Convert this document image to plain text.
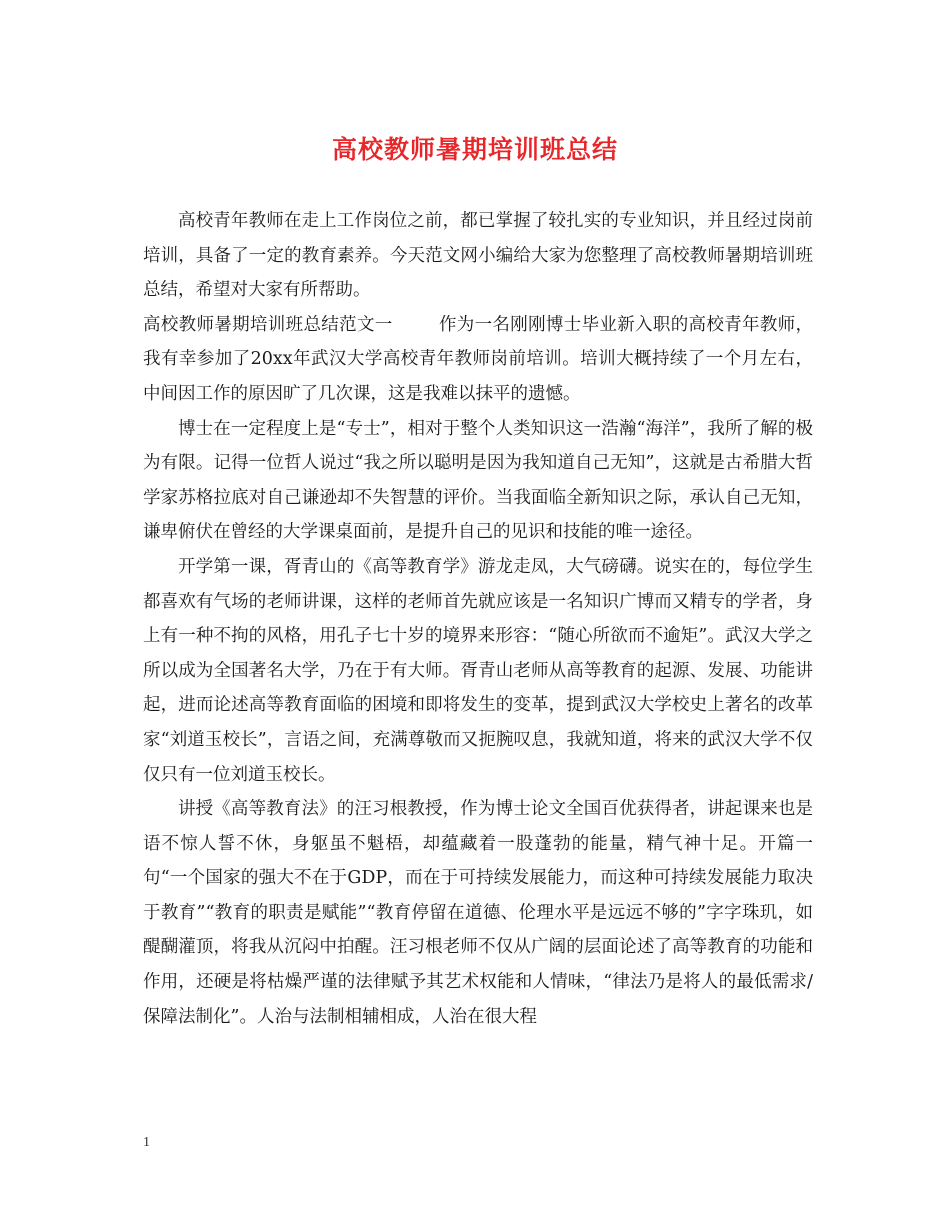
高校教师暑期培训班总结

高校青年教师在走上工作岗位之前，都已掌握了较扎实的专业知识，并且经过岗前培训，具备了一定的教育素养。今天范文网小编给大家为您整理了高校教师暑期培训班总结，希望对大家有所帮助。

高校教师暑期培训班总结范文一	作为一名刚刚博士毕业新入职的高校青年教师，我有幸参加了20xx年武汉大学高校青年教师岗前培训。培训大概持续了一个月左右，中间因工作的原因旷了几次课，这是我难以抹平的遗憾。

博士在一定程度上是“专士”，相对于整个人类知识这一浩瀚“海洋”，我所了解的极为有限。记得一位哲人说过“我之所以聪明是因为我知道自己无知”，这就是古希腊大哲学家苏格拉底对自己谦逊却不失智慧的评价。当我面临全新知识之际，承认自己无知，谦卑俯伏在曾经的大学课桌面前，是提升自己的见识和技能的唯一途径。

开学第一课，胥青山的《高等教育学》游龙走凤，大气磅礴。说实在的，每位学生都喜欢有气场的老师讲课，这样的老师首先就应该是一名知识广博而又精专的学者，身上有一种不拘的风格，用孔子七十岁的境界来形容：“随心所欲而不逾矩”。武汉大学之所以成为全国著名大学，乃在于有大师。胥青山老师从高等教育的起源、发展、功能讲起，进而论述高等教育面临的困境和即将发生的变革，提到武汉大学校史上著名的改革家“刘道玉校长”，言语之间，充满尊敬而又扼腕叹息，我就知道，将来的武汉大学不仅仅只有一位刘道玉校长。

讲授《高等教育法》的汪习根教授，作为博士论文全国百优获得者，讲起课来也是语不惊人誓不休，身躯虽不魁梧，却蕴藏着一股蓬勃的能量，精气神十足。开篇一句“一个国家的强大不在于GDP，而在于可持续发展能力，而这种可持续发展能力取决于教育”“教育的职责是赋能”“教育停留在道德、伦理水平是远远不够的”字字珠玑，如醍醐灌顶，将我从沉闷中拍醒。汪习根老师不仅从广阔的层面论述了高等教育的功能和作用，还硬是将枯燥严谨的法律赋予其艺术权能和人情味，“律法乃是将人的最低需求/保障法制化”。人治与法制相辅相成，人治在很大程

1
